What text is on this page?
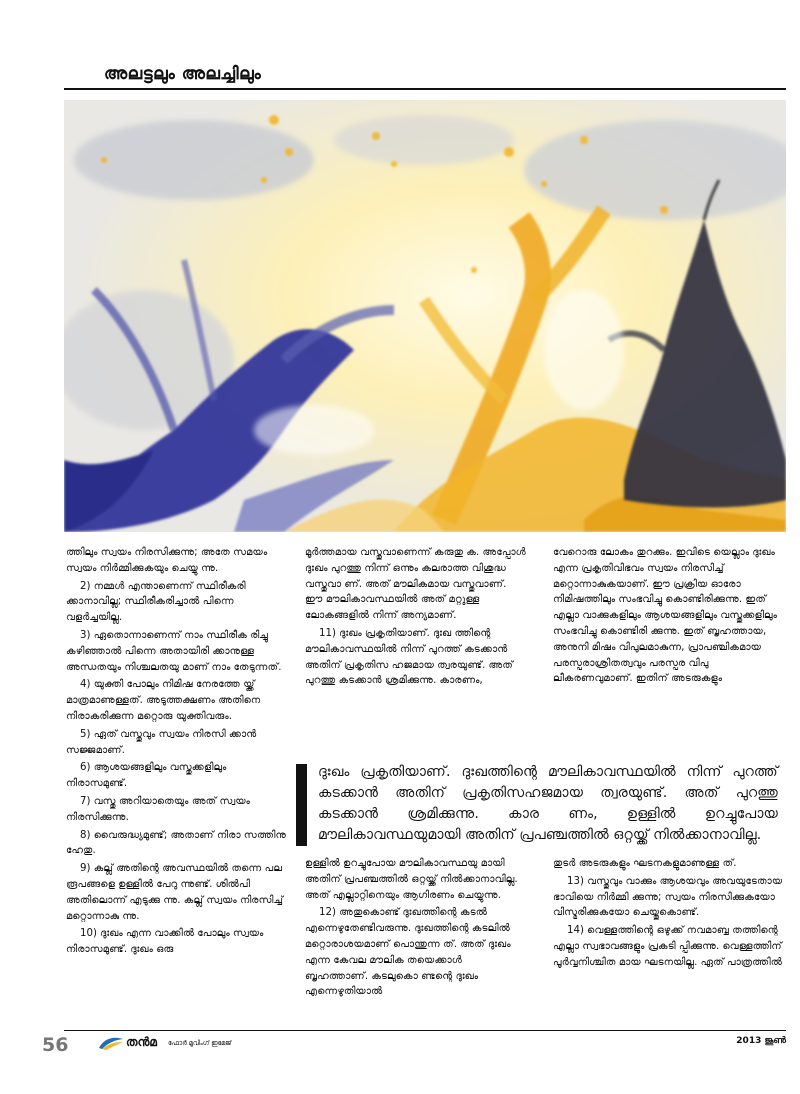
അലട്ടലും അലച്ചിലും

ത്തിലും സ്വയം നിരസിക്കുന്നു; അതേ സമയം സ്വയം നിർമ്മിക്കുകയും ചെയ്യു ന്നു.

2) നമ്മൾ എന്താണെന്ന് സ്ഥിരീകരി ക്കാനാവില്ല; സ്ഥിരീകരിച്ചാൽ പിന്നെ വളർച്ചയില്ല.

3) ഏതൊന്നാണെന്ന് നാം സ്ഥിരീക രിച്ചു കഴിഞ്ഞാൽ പിന്നെ അതായിരി ക്കാനുള്ള അന്ധതയും നിശ്ചലതയു മാണ് നാം തേടുന്നത്.

4) യുക്തി പോലും നിമിഷ നേരത്തേ യ്ക്ക് മാത്രമാണുള്ളത്. അടുത്തക്ഷണം അതിനെ നിരാകരിക്കുന്ന മറ്റൊരു യുക്തിവരും.

5) ഏത് വസ്തുവും സ്വയം നിരസി ക്കാൻ സജ്ജമാണ്.

6) ആശയങ്ങളിലും വസ്തുക്കളിലും നിരാസമുണ്ട്.

7) വസ്തു അറിയാതെയും അത് സ്വയം നിരസിക്കുന്നു.

8) വൈരുദ്ധ്യമുണ്ട്; അതാണ് നിരാ സത്തിനു ഹേതു.

9) കല്ല് അതിന്റെ അവസ്ഥയിൽ തന്നെ പല രൂപങ്ങളെ ഉള്ളിൽ പേറു ന്നുണ്ട്. ശിൽപി അതിലൊന്ന് എടുക്കു ന്നു. കല്ല് സ്വയം നിരസിച്ച് മറ്റൊന്നാകു ന്നു.

10) ദുഃഖം എന്ന വാക്കിൽ പോലും സ്വയം നിരാസമുണ്ട്. ദുഃഖം ഒരു

മൂർത്തമായ വസ്തുവാണെന്ന് കരുതു ക. അപ്പോൾ ദുഃഖം പുറത്തു നിന്ന് ഒന്നും കലരാത്ത വിശുദ്ധ വസ്തുവാ ണ്. അത് മൗലികമായ വസ്തുവാണ്. ഈ മൗലികാവസ്ഥയിൽ അത് മറ്റുള്ള ലോകങ്ങളിൽ നിന്ന് അന്യമാണ്.

11) ദുഃഖം പ്രകൃതിയാണ്. ദുഃഖ ത്തിന്റെ മൗലികാവസ്ഥയിൽ നിന്ന് പുറത്ത് കടക്കാൻ അതിന് പ്രകൃതിസ ഹജമായ ത്വരയുണ്ട്. അത് പുറത്തു കടക്കാൻ ശ്രമിക്കുന്നു. കാരണം,

വേറൊരു ലോകം തുറക്കും. ഇവിടെ യെല്ലാം ദുഃഖം എന്ന പ്രകൃതിവിഭവം സ്വയം നിരസിച്ച് മറ്റൊന്നാകുകയാണ്. ഈ പ്രക്രിയ ഓരോ നിമിഷത്തിലും സംഭവിച്ചു കൊണ്ടിരിക്കുന്നു. ഇത് എല്ലാ വാക്കുകളിലും ആശയങ്ങളിലും വസ്തുക്കളിലും സംഭവിച്ചു കൊണ്ടിരി ക്കുന്നു. ഇത് ബൃഹത്തായ, അനുനി മിഷം വിപുലമാകുന്ന, പ്രാപഞ്ചികമായ പരസ്പരാശ്രിതത്വവും പരസ്പര വിപു ലീകരണവുമാണ്. ഇതിന് അടരുകളും

ദുഃഖം പ്രകൃതിയാണ്. ദുഃഖത്തിന്റെ മൗലികാവസ്ഥയിൽ നിന്ന് പുറത്ത് കടക്കാൻ അതിന് പ്രകൃതിസഹജമായ ത്വരയുണ്ട്. അത് പുറത്തു കടക്കാൻ ശ്രമിക്കുന്നു. കാര ണം, ഉള്ളിൽ ഉറച്ചുപോയ മൗലികാവസ്ഥയുമായി അതിന് പ്രപഞ്ചത്തിൽ ഒറ്റയ്ക്ക് നിൽക്കാനാവില്ല.

ഉള്ളിൽ ഉറച്ചുപോയ മൗലികാവസ്ഥയു മായി അതിന് പ്രപഞ്ചത്തിൽ ഒറ്റയ്ക്ക് നിൽക്കാനാവില്ല. അത് എല്ലാറ്റിനെയും ആഗിരണം ചെയ്യുന്നു.

12) അതുകൊണ്ട് ദുഃഖത്തിന്റെ കടൽ എന്നെഴുതേണ്ടിവരുന്നു. ദുഃഖത്തിന്റെ കടലിൽ മറ്റൊരാശയമാണ് പൊന്തുന്ന ത്. അത് ദുഃഖം എന്ന കേവല മൗലിക തയെക്കാൾ ബൃഹത്താണ്. കടലുകൊ ണ്ടന്റെ ദുഃഖം എന്നെഴുതിയാൽ

തുടർ അടരുകളും ഘടനകളുമാണുള്ള ത്.

13) വസ്തുവും വാക്കും ആശയവും അവയുടേതായ ഭാവിയെ നിർമ്മി ക്കുന്നു; സ്വയം നിരസിക്കുകയോ വിസ്മരിക്കുകയോ ചെയ്തുകൊണ്ട്.

14) വെള്ളത്തിന്റെ ഒഴുക്ക് നവമാബ്ബ തത്തിന്റെ എല്ലാ സ്വഭാവങ്ങളും പ്രകടി പ്പിക്കുന്നു. വെള്ളത്തിന് പൂർവ്വനിശ്ചിത മായ ഘടനയില്ല. ഏത് പാത്രത്തിൽ

56	തൻമ ഫോർ മൂവിംഗ് ഇമേജ്	2013 ജൂൺ
